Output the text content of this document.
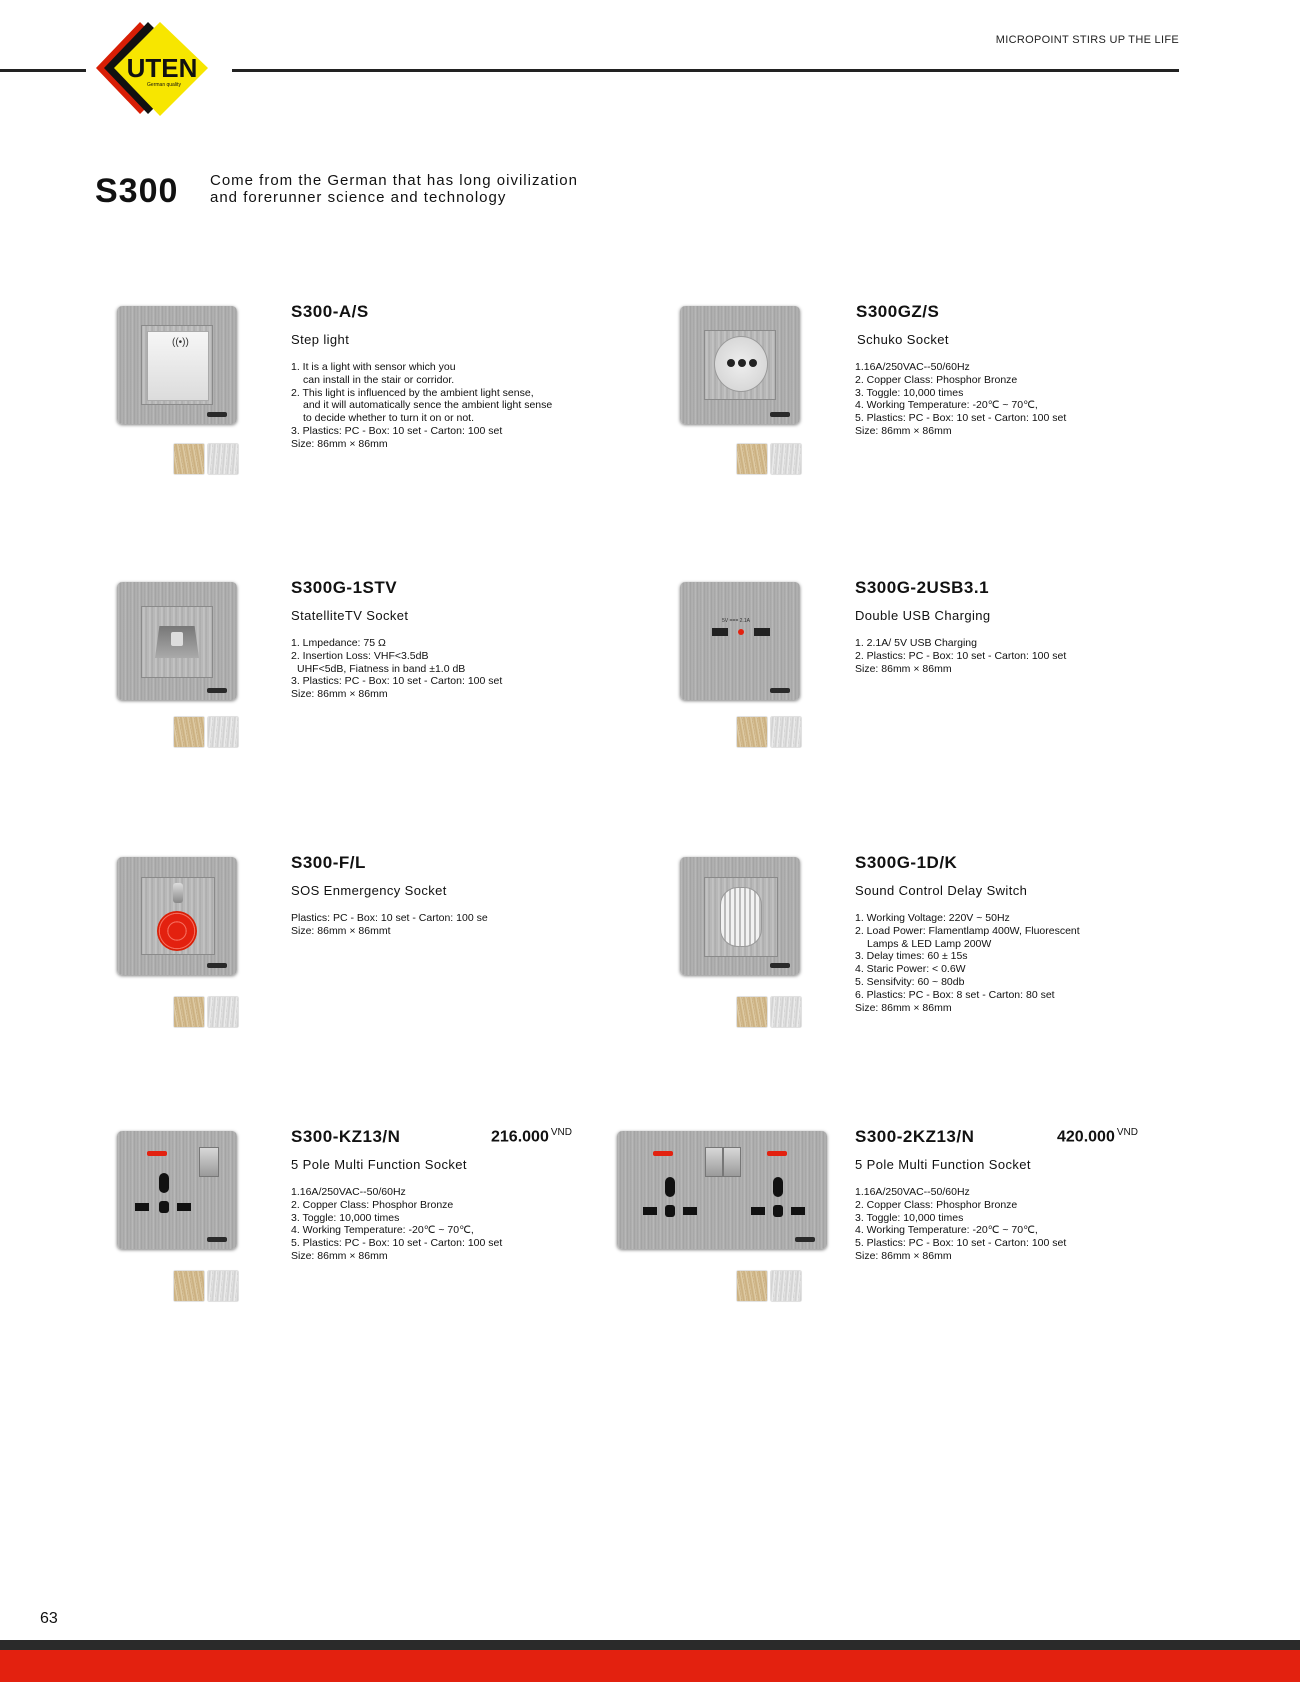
UTEN
German quality
MICROPOINT STIRS UP THE LIFE
S300 Come from the German that has long oivilization
and forerunner science and technology
((•))
S300-A/S
Step light
1. It is a light with sensor which you
can install in the stair or corridor.
2. This light is influenced by the ambient light sense,
and it will automatically sence the ambient light sense
to decide whether to turn it on or not.
3. Plastics: PC - Box: 10 set - Carton: 100 set
Size: 86mm × 86mm
S300GZ/S
Schuko Socket
1.16A/250VAC--50/60Hz
2. Copper Class: Phosphor Bronze
3. Toggle: 10,000 times
4. Working Temperature: -20℃ ~ 70℃,
5. Plastics: PC - Box: 10 set - Carton: 100 set
Size: 86mm × 86mm
S300G-1STV
StatelliteTV Socket
1. Lmpedance: 75 Ω
2. Insertion Loss: VHF<3.5dB
UHF<5dB, Fiatness in band ±1.0 dB
3. Plastics: PC - Box: 10 set - Carton: 100 set
Size: 86mm × 86mm
5V === 2.1A
S300G-2USB3.1
Double USB Charging
1. 2.1A/ 5V USB Charging
2. Plastics: PC - Box: 10 set - Carton: 100 set
Size: 86mm × 86mm
S300-F/L
SOS Enmergency Socket
Plastics: PC - Box: 10 set - Carton: 100 se
Size: 86mm × 86mmt
S300G-1D/K
Sound Control Delay Switch
1. Working Voltage: 220V ~ 50Hz
2. Load Power: Flamentlamp 400W, Fluorescent
Lamps & LED Lamp 200W
3. Delay times: 60 ± 15s
4. Staric Power: < 0.6W
5. Sensifvity: 60 ~ 80db
6. Plastics: PC - Box: 8 set - Carton: 80 set
Size: 86mm × 86mm
S300-KZ13/N	216.000 $^{VND}$
5 Pole Multi Function Socket
1.16A/250VAC--50/60Hz
2. Copper Class: Phosphor Bronze
3. Toggle: 10,000 times
4. Working Temperature: -20℃ ~ 70℃,
5. Plastics: PC - Box: 10 set - Carton: 100 set
Size: 86mm × 86mm
S300-2KZ13/N	420.000 $^{VND}$
5 Pole Multi Function Socket
1.16A/250VAC--50/60Hz
2. Copper Class: Phosphor Bronze
3. Toggle: 10,000 times
4. Working Temperature: -20℃ ~ 70℃,
5. Plastics: PC - Box: 10 set - Carton: 100 set
Size: 86mm × 86mm
63
